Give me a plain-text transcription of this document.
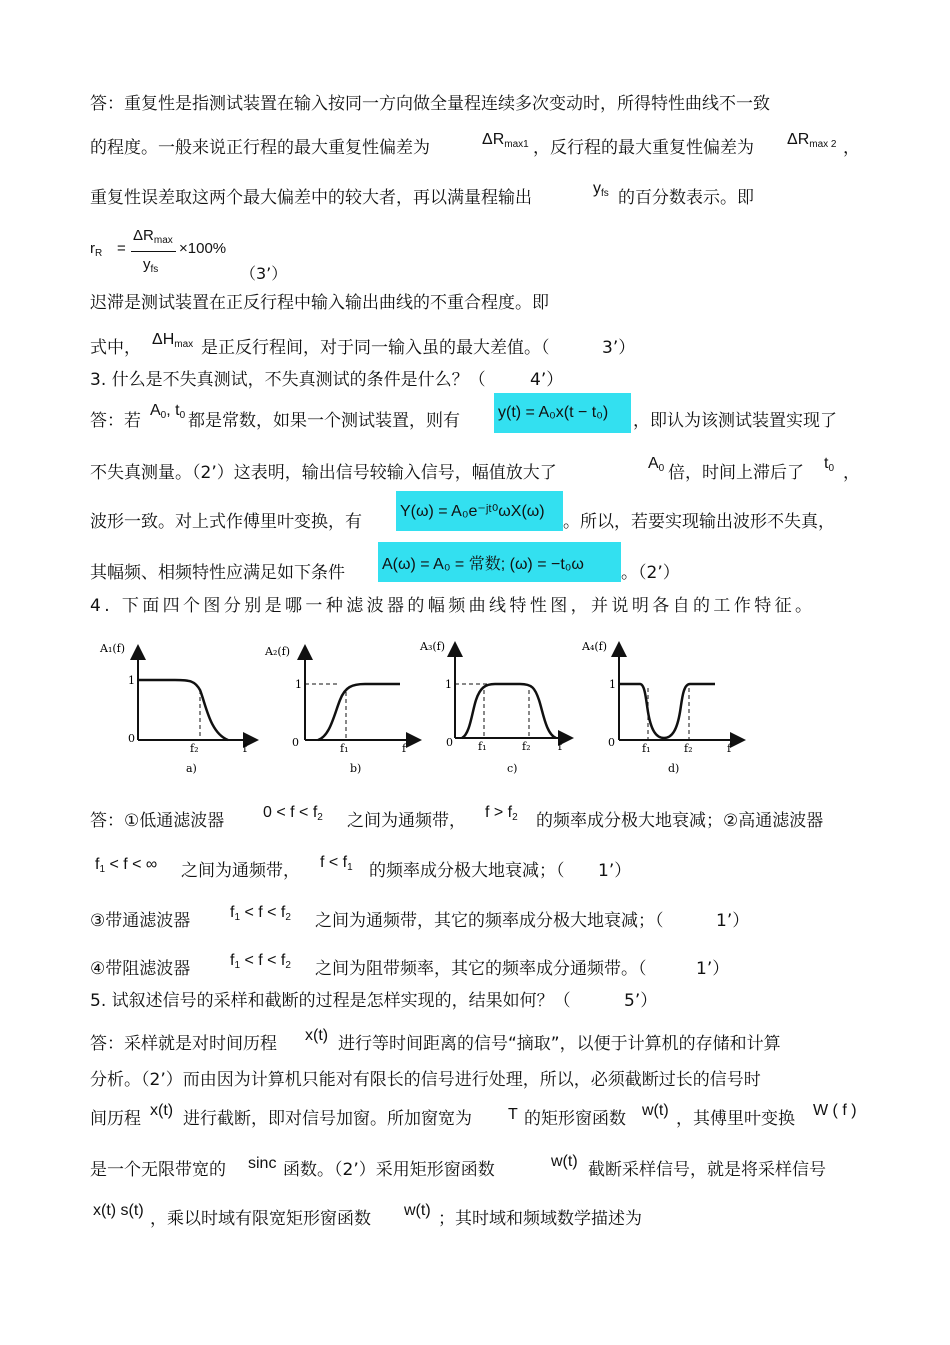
答：重复性是指测试装置在输入按同一方向做全量程连续多次变动时，所得特性曲线不一致
的程度。一般来说正行程的最大重复性偏差为	ΔRmax1 ，反行程的最大重复性偏差为 ΔRmax 2 ，
重复性误差取这两个最大偏差中的较大者，再以满量程输出	yfs 的百分数表示。即
$r_R$ =
$\Delta R_{max}$
$y_{fs}$
×100%
（3’）
迟滞是测试装置在正反行程中输入输出曲线的不重合程度。即
式中， ΔHmax 是正反行程间，对于同一输入虽的最大差值。（	3’）
3. 什么是不失真测试，不失真测试的条件是什么？（	4’）
答：若
A0, t0 都是常数，如果一个测试装置，则有 y(t) = A₀x(t − t₀)	，即认为该测试装置实现了
不失真测量。（2’）这表明，输出信号较输入信号，幅值放大了	A0 倍，时间上滞后了 t0 ，
波形一致。对上式作傅里叶变换，有
Y(ω) = A₀e⁻ʲᵗ⁰ωX(ω)
。所以，若要实现输出波形不失真，
其幅频、相频特性应满足如下条件 A(ω) = A₀ = 常数; (ω) = −t₀ω	。（2’）
4. 下面四个图分别是哪一种滤波器的幅频曲线特性图，并说明各自的工作特征。
A₁(f)
1
0
f₂	f
a)
A₂(f)
1
0	f₁	f
b)
A₃(f)
1
0 f₁	f₂	f
c)
A₄(f)
1
0 f₁	f₂	f
d)
答：①低通滤波器 0 < f < f2 之间为通频带， f > f2 的频率成分极大地衰减；②高通滤波器
f1 < f < ∞ 之间为通频带， f < f1 的频率成分极大地衰减；（ 1’）
③带通滤波器 f1 < f < f2 之间为通频带，其它的频率成分极大地衰减；（	1’）
④带阻滤波器 f1 < f < f2 之间为阻带频率，其它的频率成分通频带。（	1’）
5. 试叙述信号的采样和截断的过程是怎样实现的，结果如何？（	5’）
答：采样就是对时间历程 x(t) 进行等时间距离的信号“摘取”，以便于计算机的存储和计算
分析。（2’）而由因为计算机只能对有限长的信号进行处理，所以，必须截断过长的信号时
间历程 x(t) 进行截断，即对信号加窗。所加窗宽为 T 的矩形窗函数 w(t) ，其傅里叶变换 W ( f )
是一个无限带宽的 sinc 函数。（2’）采用矩形窗函数	w(t) 截断采样信号，就是将采样信号
x(t) s(t) ，乘以时域有限宽矩形窗函数 w(t) ；其时域和频域数学描述为
